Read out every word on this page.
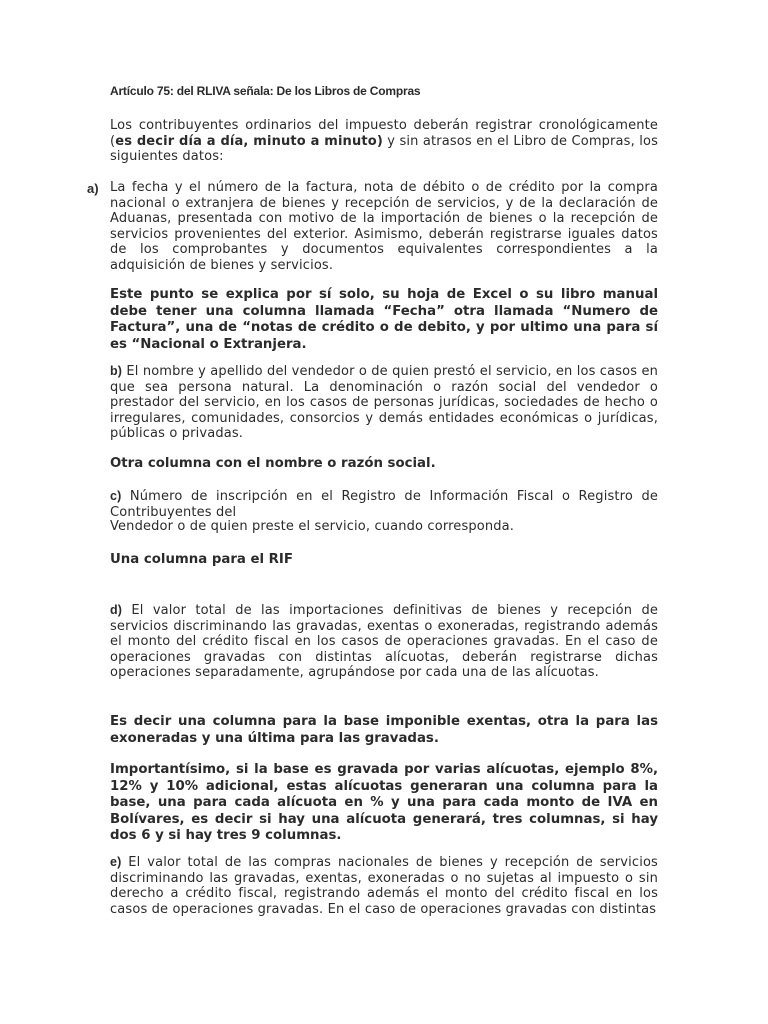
Artículo 75: del RLIVA señala: De los Libros de Compras

Los contribuyentes ordinarios del impuesto deberán registrar cronológicamente (es decir día a día, minuto a minuto) y sin atrasos en el Libro de Compras, los siguientes datos:

a) La fecha y el número de la factura, nota de débito o de crédito por la compra nacional o extranjera de bienes y recepción de servicios, y de la declaración de Aduanas, presentada con motivo de la importación de bienes o la recepción de servicios provenientes del exterior. Asimismo, deberán registrarse iguales datos de los comprobantes y documentos equivalentes correspondientes a la adquisición de bienes y servicios.

Este punto se explica por sí solo, su hoja de Excel o su libro manual debe tener una columna llamada “Fecha” otra llamada “Numero de Factura”, una de “notas de crédito o de debito, y por ultimo una para sí es “Nacional o Extranjera.

b) El nombre y apellido del vendedor o de quien prestó el servicio, en los casos en que sea persona natural. La denominación o razón social del vendedor o prestador del servicio, en los casos de personas jurídicas, sociedades de hecho o irregulares, comunidades, consorcios y demás entidades económicas o jurídicas, públicas o privadas.

Otra columna con el nombre o razón social.

c) Número de inscripción en el Registro de Información Fiscal o Registro de Contribuyentes del

Vendedor o de quien preste el servicio, cuando corresponda.

Una columna para el RIF

d) El valor total de las importaciones definitivas de bienes y recepción de servicios discriminando las gravadas, exentas o exoneradas, registrando además el monto del crédito fiscal en los casos de operaciones gravadas. En el caso de operaciones gravadas con distintas alícuotas, deberán registrarse dichas operaciones separadamente, agrupándose por cada una de las alícuotas.

Es decir una columna para la base imponible exentas, otra la para las exoneradas y una última para las gravadas.

Importantísimo, si la base es gravada por varias alícuotas, ejemplo 8%, 12% y 10% adicional, estas alícuotas generaran una columna para la base, una para cada alícuota en % y una para cada monto de IVA en Bolívares, es decir si hay una alícuota generará, tres columnas, si hay dos 6 y si hay tres 9 columnas.

e) El valor total de las compras nacionales de bienes y recepción de servicios discriminando las gravadas, exentas, exoneradas o no sujetas al impuesto o sin derecho a crédito fiscal, registrando además el monto del crédito fiscal en los casos de operaciones gravadas. En el caso de operaciones gravadas con distintas
